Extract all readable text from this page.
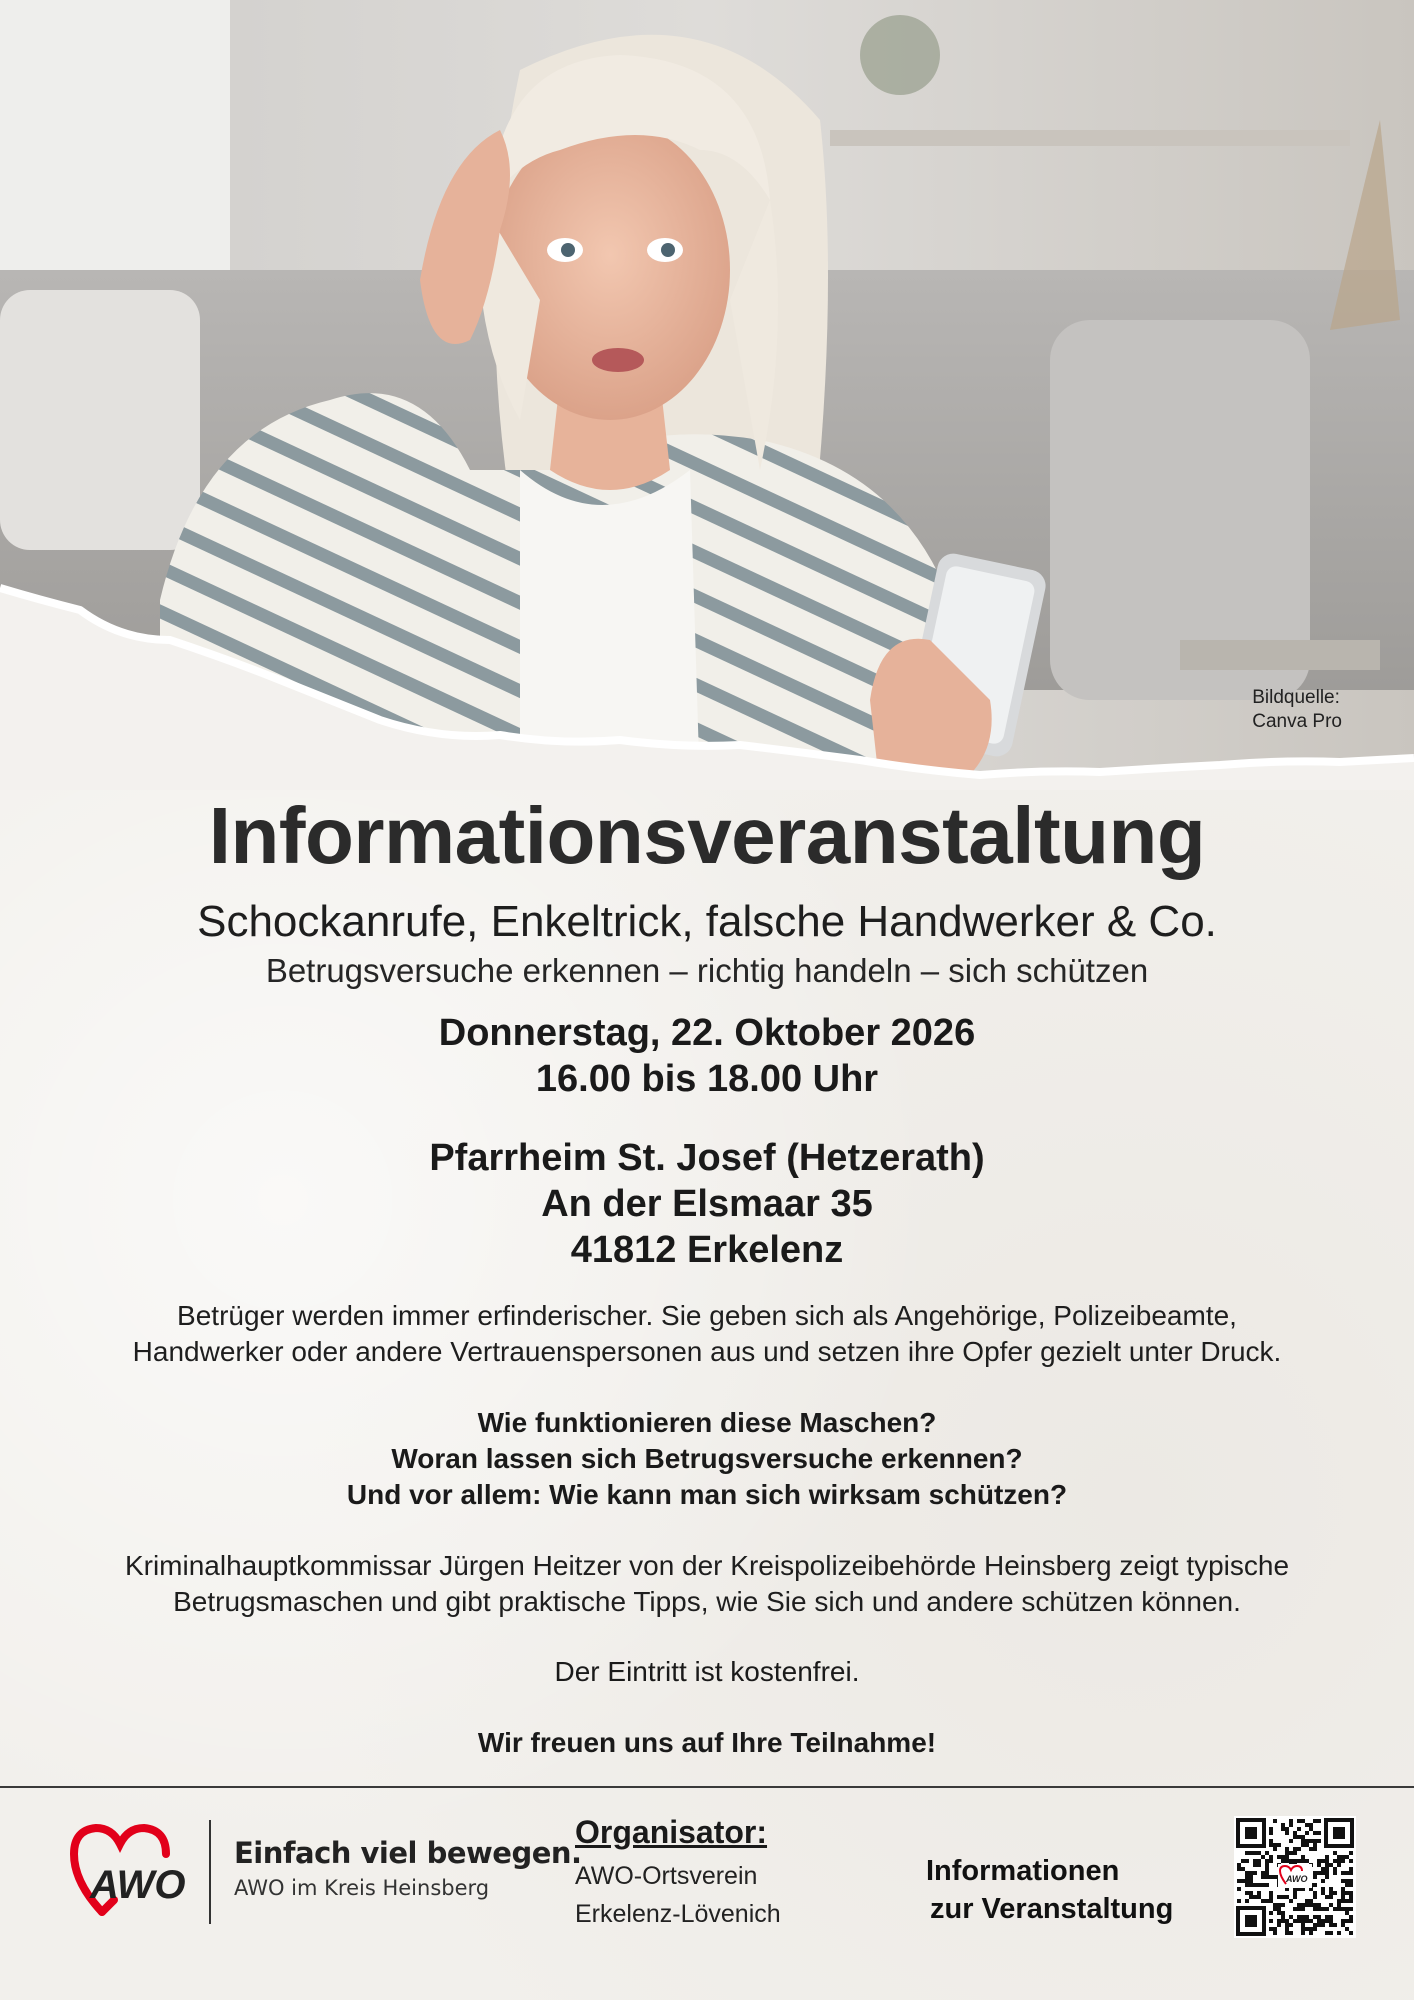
Bildquelle:
Canva Pro
Informationsveranstaltung
Schockanrufe, Enkeltrick, falsche Handwerker & Co.
Betrugsversuche erkennen – richtig handeln – sich schützen
Donnerstag, 22. Oktober 2026
16.00 bis 18.00 Uhr
Pfarrheim St. Josef (Hetzerath)
An der Elsmaar 35
41812 Erkelenz
Betrüger werden immer erfinderischer. Sie geben sich als Angehörige, Polizeibeamte,
Handwerker oder andere Vertrauenspersonen aus und setzen ihre Opfer gezielt unter Druck.
Wie funktionieren diese Maschen?
Woran lassen sich Betrugsversuche erkennen?
Und vor allem: Wie kann man sich wirksam schützen?
Kriminalhauptkommissar Jürgen Heitzer von der Kreispolizeibehörde Heinsberg zeigt typische
Betrugsmaschen und gibt praktische Tipps, wie Sie sich und andere schützen können.
Der Eintritt ist kostenfrei.
Wir freuen uns auf Ihre Teilnahme!
AWO
Einfach viel bewegen.
AWO im Kreis Heinsberg
Organisator:
AWO-Ortsverein
Erkelenz-Lövenich
Informationen
zur Veranstaltung
AWO
